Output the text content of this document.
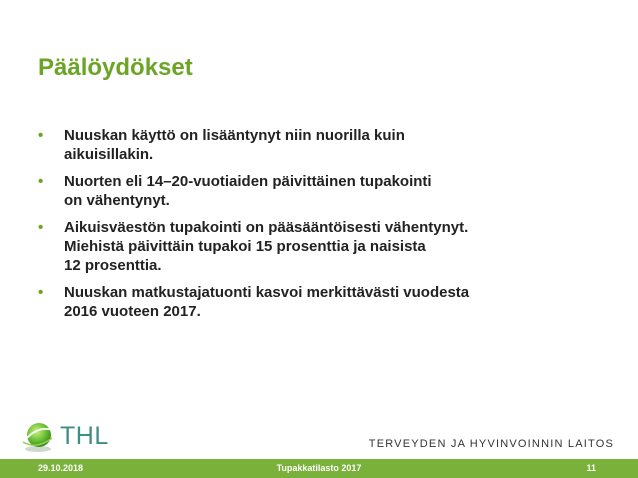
Päälöydökset
• Nuuskan käyttö on lisääntynyt niin nuorilla kuin
aikuisillakin.
• Nuorten eli 14–20-vuotiaiden päivittäinen tupakointi
on vähentynyt.
• Aikuisväestön tupakointi on pääsääntöisesti vähentynyt.
Miehistä päivittäin tupakoi 15 prosenttia ja naisista
12 prosenttia.
• Nuuskan matkustajatuonti kasvoi merkittävästi vuodesta
2016 vuoteen 2017.
THL	TERVEYDEN JA HYVINVOINNIN LAITOS
29.10.2018	Tupakkatilasto 2017	11
